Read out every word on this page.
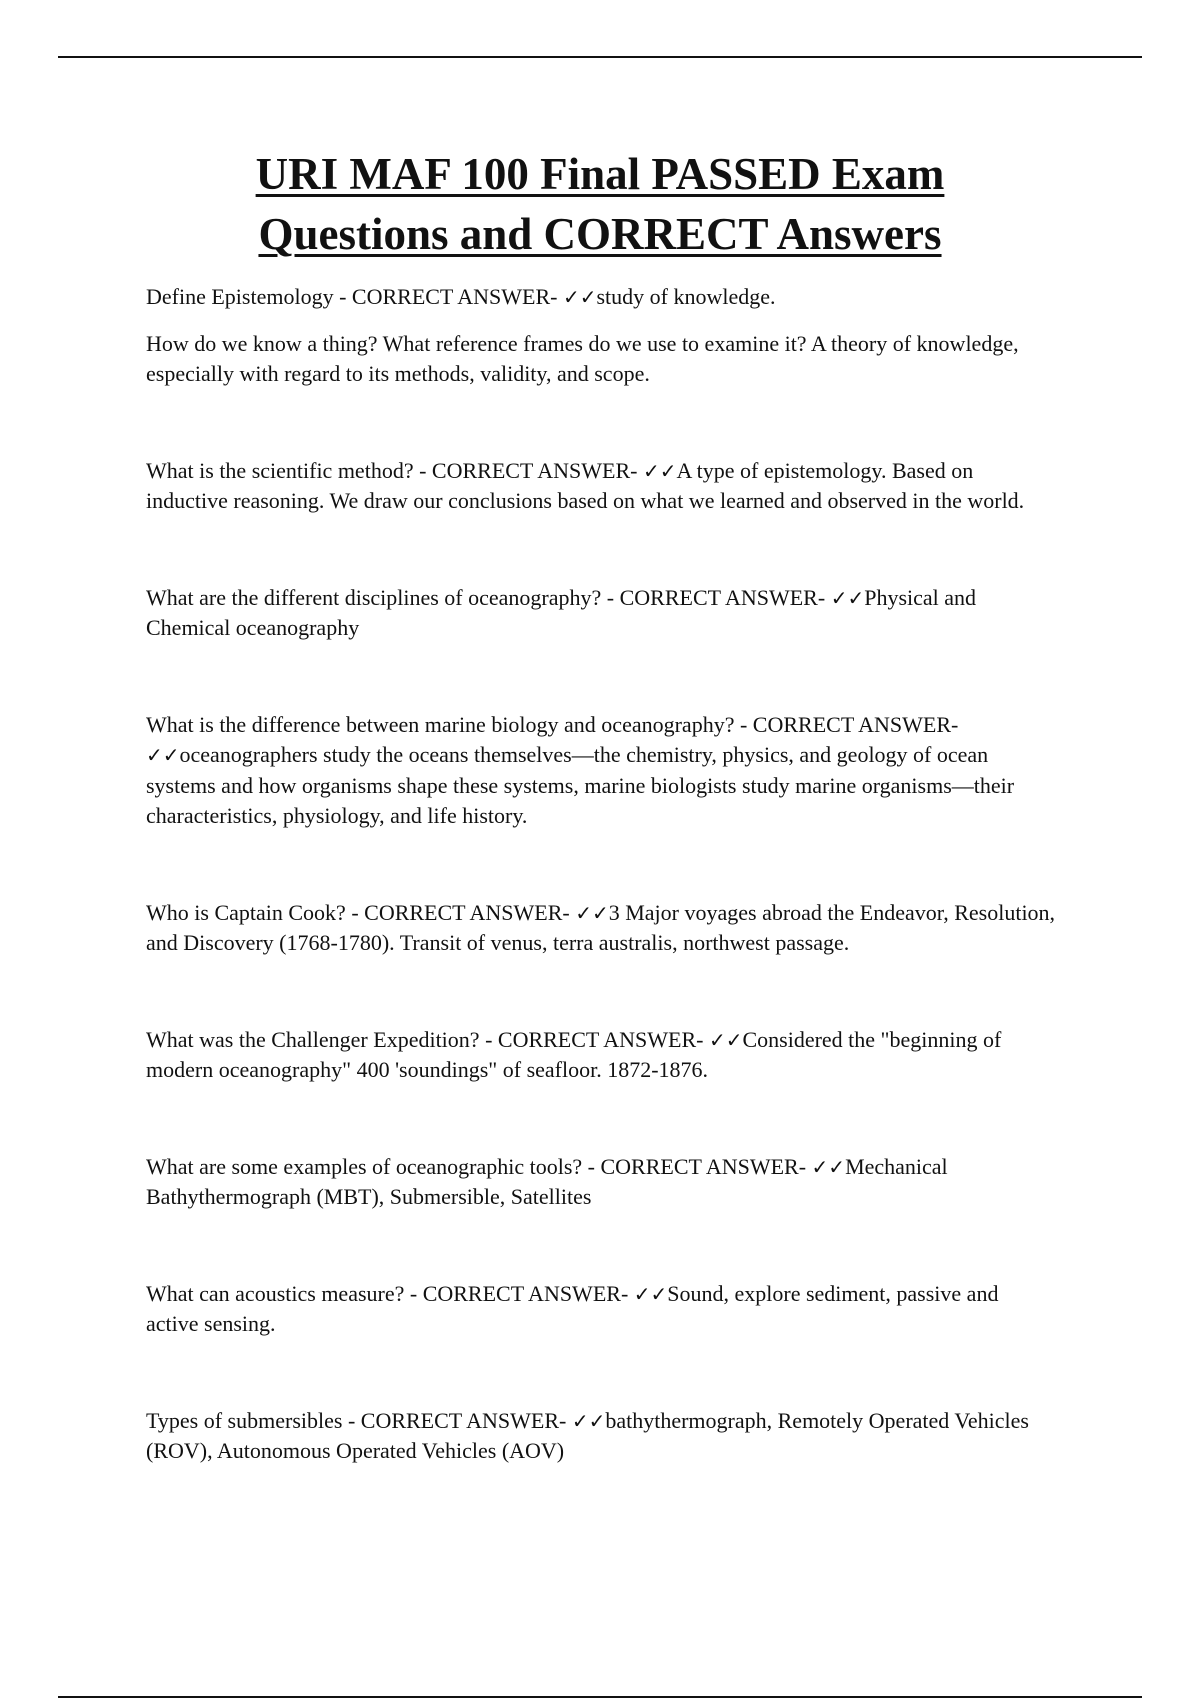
URI MAF 100 Final PASSED Exam
Questions and CORRECT Answers

Define Epistemology - CORRECT ANSWER- ✓✓study of knowledge.

How do we know a thing? What reference frames do we use to examine it? A theory of knowledge, especially with regard to its methods, validity, and scope.

What is the scientific method? - CORRECT ANSWER- ✓✓A type of epistemology. Based on inductive reasoning. We draw our conclusions based on what we learned and observed in the world.

What are the different disciplines of oceanography? - CORRECT ANSWER- ✓✓Physical and Chemical oceanography

What is the difference between marine biology and oceanography? - CORRECT ANSWER- ✓✓oceanographers study the oceans themselves—the chemistry, physics, and geology of ocean systems and how organisms shape these systems, marine biologists study marine organisms—their characteristics, physiology, and life history.

Who is Captain Cook? - CORRECT ANSWER- ✓✓3 Major voyages abroad the Endeavor, Resolution, and Discovery (1768-1780). Transit of venus, terra australis, northwest passage.

What was the Challenger Expedition? - CORRECT ANSWER- ✓✓Considered the "beginning of modern oceanography" 400 'soundings" of seafloor. 1872-1876.

What are some examples of oceanographic tools? - CORRECT ANSWER- ✓✓Mechanical Bathythermograph (MBT), Submersible, Satellites

What can acoustics measure? - CORRECT ANSWER- ✓✓Sound, explore sediment, passive and active sensing.

Types of submersibles - CORRECT ANSWER- ✓✓bathythermograph, Remotely Operated Vehicles (ROV), Autonomous Operated Vehicles (AOV)
